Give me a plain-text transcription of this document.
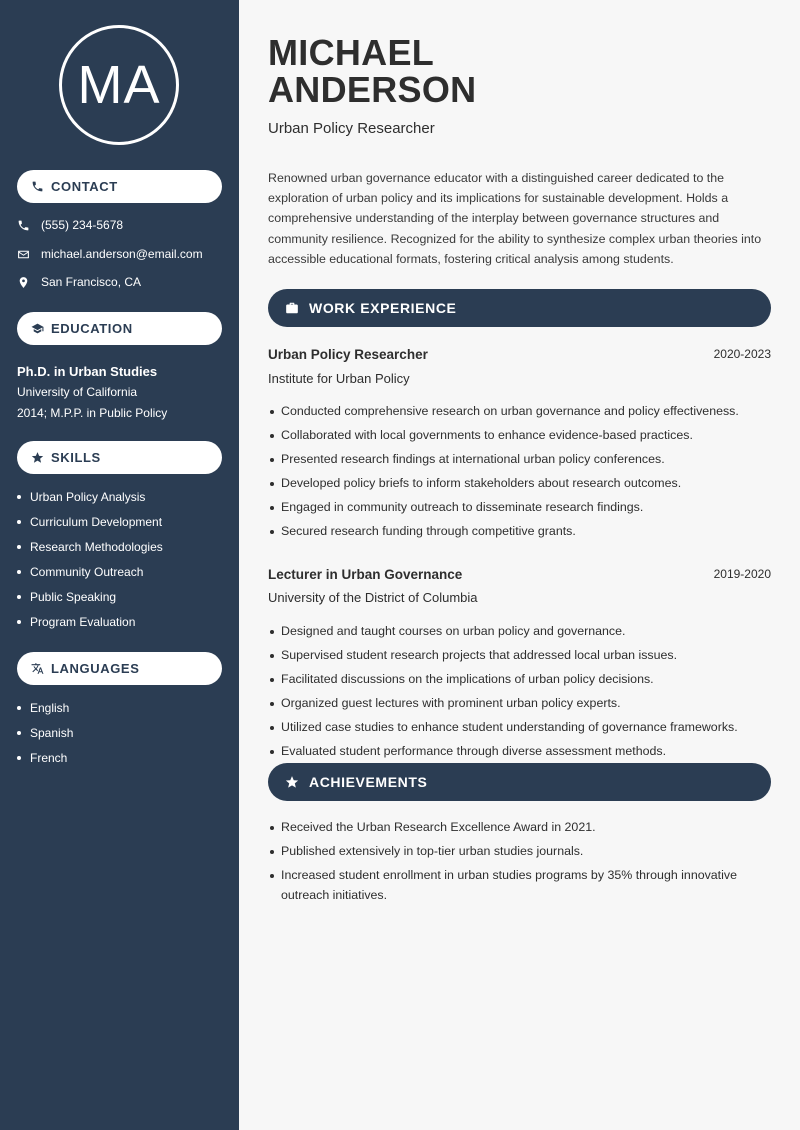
MA
CONTACT
(555) 234-5678
michael.anderson@email.com
San Francisco, CA
EDUCATION
Ph.D. in Urban Studies
University of California
2014; M.P.P. in Public Policy
SKILLS
Urban Policy Analysis
Curriculum Development
Research Methodologies
Community Outreach
Public Speaking
Program Evaluation
LANGUAGES
English
Spanish
French
MICHAEL
ANDERSON
Urban Policy Researcher

Renowned urban governance educator with a distinguished career dedicated to the exploration of urban policy and its implications for sustainable development. Holds a comprehensive understanding of the interplay between governance structures and community resilience. Recognized for the ability to synthesize complex urban theories into accessible educational formats, fostering critical analysis among students.

WORK EXPERIENCE
Urban Policy Researcher	2020-2023
Institute for Urban Policy
Conducted comprehensive research on urban governance and policy effectiveness.
Collaborated with local governments to enhance evidence-based practices.
Presented research findings at international urban policy conferences.
Developed policy briefs to inform stakeholders about research outcomes.
Engaged in community outreach to disseminate research findings.
Secured research funding through competitive grants.
Lecturer in Urban Governance	2019-2020
University of the District of Columbia
Designed and taught courses on urban policy and governance.
Supervised student research projects that addressed local urban issues.
Facilitated discussions on the implications of urban policy decisions.
Organized guest lectures with prominent urban policy experts.
Utilized case studies to enhance student understanding of governance frameworks.
Evaluated student performance through diverse assessment methods.
ACHIEVEMENTS
Received the Urban Research Excellence Award in 2021.
Published extensively in top-tier urban studies journals.
Increased student enrollment in urban studies programs by 35% through innovative outreach initiatives.
